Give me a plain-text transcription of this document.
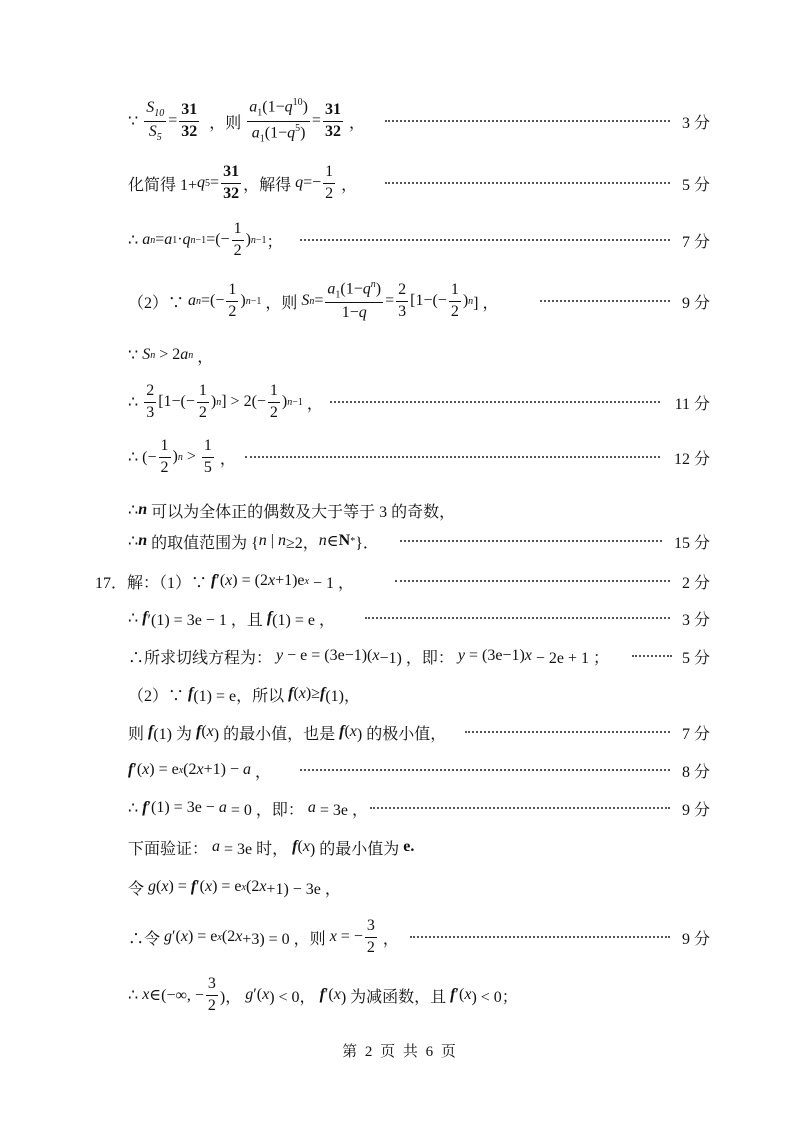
∵ $\frac{S_{10}}{S_5} = \frac{31}{32}$ ，则 $\frac{a_1(1-q^{10})}{a_1(1-q^5)} = \frac{31}{32}$ ，	3 分
化简得 1+ q $5 = \frac{31}{32}$ ，解得 $q =- \frac{1}{2}$ ，	5 分
∴ a n = a 1 · q n −1 =(− $\frac{1}{2}$ ) n −1 ；	7 分
（2）∵ a n =(− $\frac{1}{2}$ ) n −1 ，则 S $n = \frac{a_1(1-q^n)}{1-q} = \frac{2}{3} [1-(- \frac{1}{2}$ ) n ] ，	9 分
∵ S n > 2 a n ，
∴ $\frac{2}{3} [1-(- \frac{1}{2}$ ) n ] > $2(- \frac{1}{2}$ ) n −1 ，	11 分
∴ (− $\frac{1}{2}$ ) $n > \frac{1}{5}$ ，	12 分
∴ n 可以为全体正的偶数及大于等于 3 的奇数，
∴ n 的取值范围为 { n | n ≥2， n ∈ N * }．	15 分
17．解：（1）∵ f ′( x ) = (2 x +1)e x − 1 ，	2 分
∴ f ′(1) = 3e − 1 ，且 f (1) = e ，	3 分
∴所求切线方程为： y − e = (3e−1)( x −1) ，即： y = (3e−1) x − 2e + 1 ；	5 分
（2）∵ f (1) = e，所以 f ( x )≥ f (1)，
则 f (1) 为 f ( x ) 的最小值，也是 f ( x ) 的极小值，	7 分
f ′( x ) = e x (2 x +1) − a ，	8 分
∴ f ′(1) = 3e − a = 0 ，即： a = 3e ，	9 分
下面验证： a = 3e 时， f ( x ) 的最小值为 e.
令 g ( x ) = f ′( x ) = e x (2 x +1) − 3e ，
∴令 g ′( x ) = e x (2 x +3) = 0 ，则 x = − $\frac{3}{2}$ ，	9 分
∴ x ∈(−∞, − $\frac{3}{2}$ )， g ′( x ) < 0， f ′( x ) 为减函数，且 f ′( x ) < 0；
第 2 页 共 6 页
